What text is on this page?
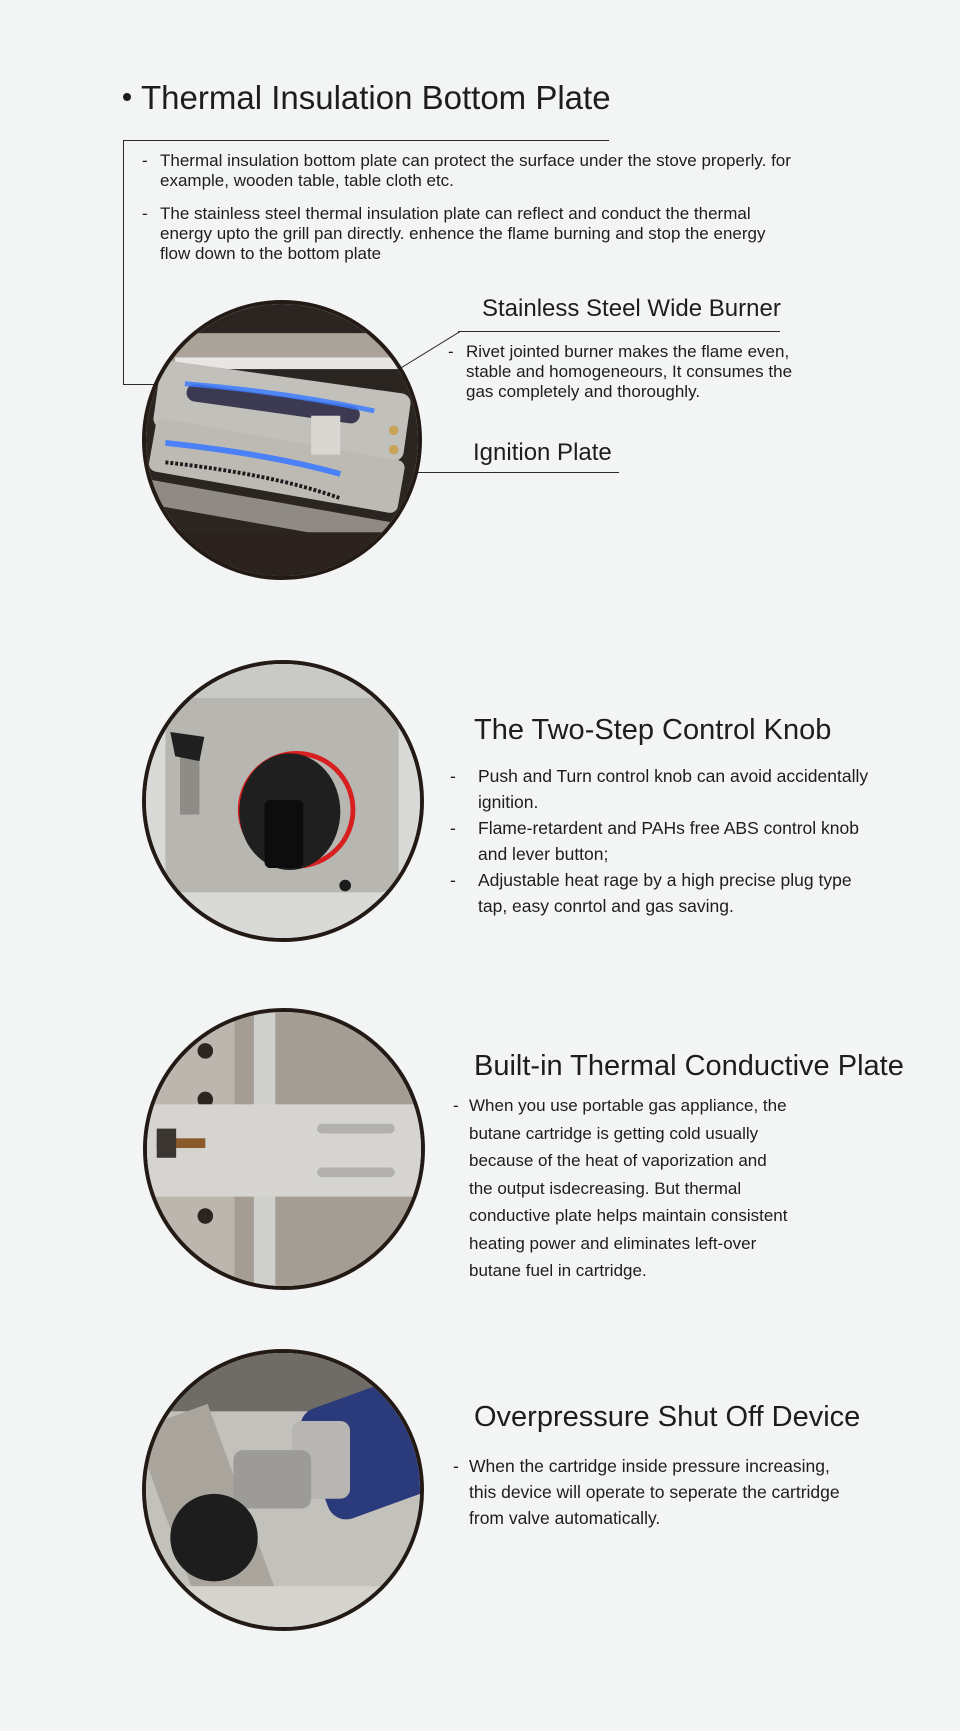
Thermal Insulation Bottom Plate
- Thermal insulation bottom plate can protect the surface under the stove properly. for example, wooden table, table cloth etc.
- The stainless steel thermal insulation plate can reflect and conduct the thermal energy upto the grill pan directly. enhence the flame burning and stop the energy flow down to the bottom plate
Stainless Steel Wide Burner
- Rivet jointed burner makes the flame even, stable and homogeneours, It consumes the gas completely and thoroughly.
Ignition Plate
The Two-Step Control Knob
- Push and Turn control knob can avoid accidentally ignition.
- Flame-retardent and PAHs free ABS control knob and lever button;
- Adjustable heat rage by a high precise plug type tap, easy conrtol and gas saving.
Built-in Thermal Conductive Plate
- When you use portable gas appliance, the butane cartridge is getting cold usually because of the heat of vaporization and the output isdecreasing. But thermal conductive plate helps maintain consistent heating power and eliminates left-over butane fuel in cartridge.
Overpressure Shut Off Device
- When the cartridge inside pressure increasing, this device will operate to seperate the cartridge from valve automatically.
